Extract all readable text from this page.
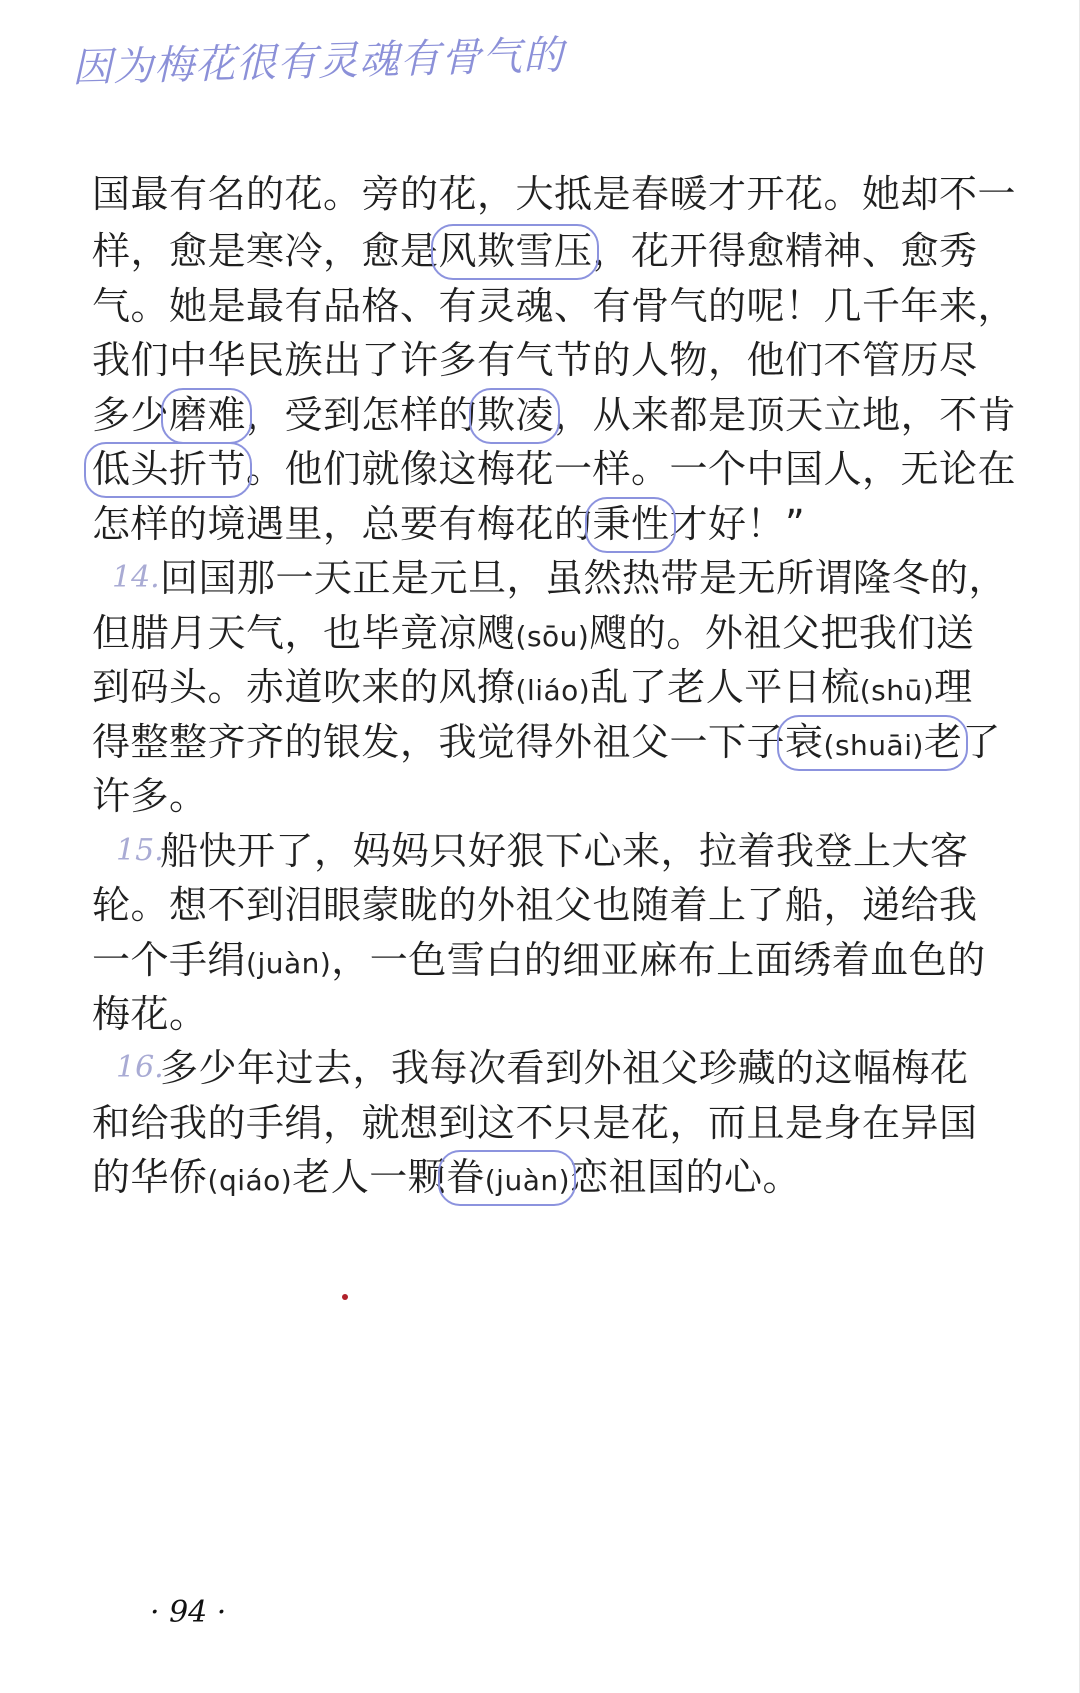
因为梅花很有灵魂有骨气的
国最有名的花。旁的花，大抵是春暖才开花。她却不一
样，愈是寒冷，愈是风欺雪压，花开得愈精神、愈秀
气。她是最有品格、有灵魂、有骨气的呢！几千年来，
我们中华民族出了许多有气节的人物，他们不管历尽
多少磨难，受到怎样的欺凌，从来都是顶天立地，不肯
低头折节。他们就像这梅花一样。一个中国人，无论在
怎样的境遇里，总要有梅花的秉性才好！”
14. 回国那一天正是元旦，虽然热带是无所谓隆冬的，
但腊月天气，也毕竟凉飕(sōu)飕的。外祖父把我们送
到码头。赤道吹来的风撩(liáo)乱了老人平日梳(shū)理
得整整齐齐的银发，我觉得外祖父一下子衰(shuāi)老了
许多。
15.
船快开了，妈妈只好狠下心来，拉着我登上大客
轮。想不到泪眼蒙眬的外祖父也随着上了船，递给我
一个手绢(juàn)，一色雪白的细亚麻布上面绣着血色的
梅花。
16.
多少年过去，我每次看到外祖父珍藏的这幅梅花
和给我的手绢，就想到这不只是花，而且是身在异国
的华侨(qiáo)老人一颗眷(juàn)恋祖国的心。
· 94 ·
